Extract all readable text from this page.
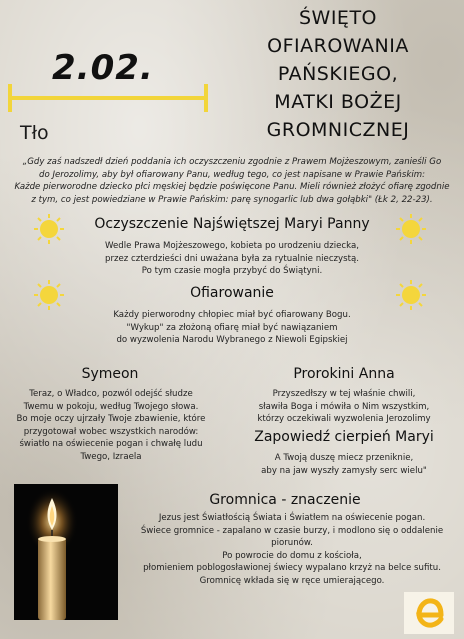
2.02.
ŚWIĘTO
OFIAROWANIA
PAŃSKIEGO,
MATKI BOŻEJ
GROMNICZNEJ
Tło
„Gdy zaś nadszedł dzień poddania ich oczyszczeniu zgodnie z Prawem Mojżeszowym, zanieśli Go
do Jerozolimy, aby był ofiarowany Panu, według tego, co jest napisane w Prawie Pańskim:
Każde pierworodne dziecko płci męskiej będzie poświęcone Panu. Mieli również złożyć ofiarę zgodnie
z tym, co jest powiedziane w Prawie Pańskim: parę synogarlic lub dwa gołąbki" (Łk 2, 22-23).
Oczyszczenie Najświętszej Maryi Panny
Wedle Prawa Mojżeszowego, kobieta po urodzeniu dziecka,
przez czterdzieści dni uważana była za rytualnie nieczystą.
Po tym czasie mogła przybyć do Świątyni.
Ofiarowanie
Każdy pierworodny chłopiec miał być ofiarowany Bogu.
"Wykup" za złożoną ofiarę miał być nawiązaniem
do wyzwolenia Narodu Wybranego z Niewoli Egipskiej
Symeon
Teraz, o Władco, pozwól odejść słudze
Twemu w pokoju, według Twojego słowa.
Bo moje oczy ujrzały Twoje zbawienie, które
przygotował wobec wszystkich narodów:
światło na oświecenie pogan i chwałę ludu
Twego, Izraela
Prorokini Anna
Przyszedłszy w tej właśnie chwili,
sławiła Boga i mówiła o Nim wszystkim,
którzy oczekiwali wyzwolenia Jerozolimy
Zapowiedź cierpień Maryi
A Twoją duszę miecz przeniknie,
aby na jaw wyszły zamysły serc wielu"
Gromnica - znaczenie
Jezus jest Światłością Świata i Światłem na oświecenie pogan.
Świece gromnice - zapalano w czasie burzy, i modlono się o oddalenie piorunów.
Po powrocie do domu z kościoła,
płomieniem poblogosławionej świecy wypalano krzyż na belce sufitu.
Gromnicę wkłada się w ręce umierającego.
